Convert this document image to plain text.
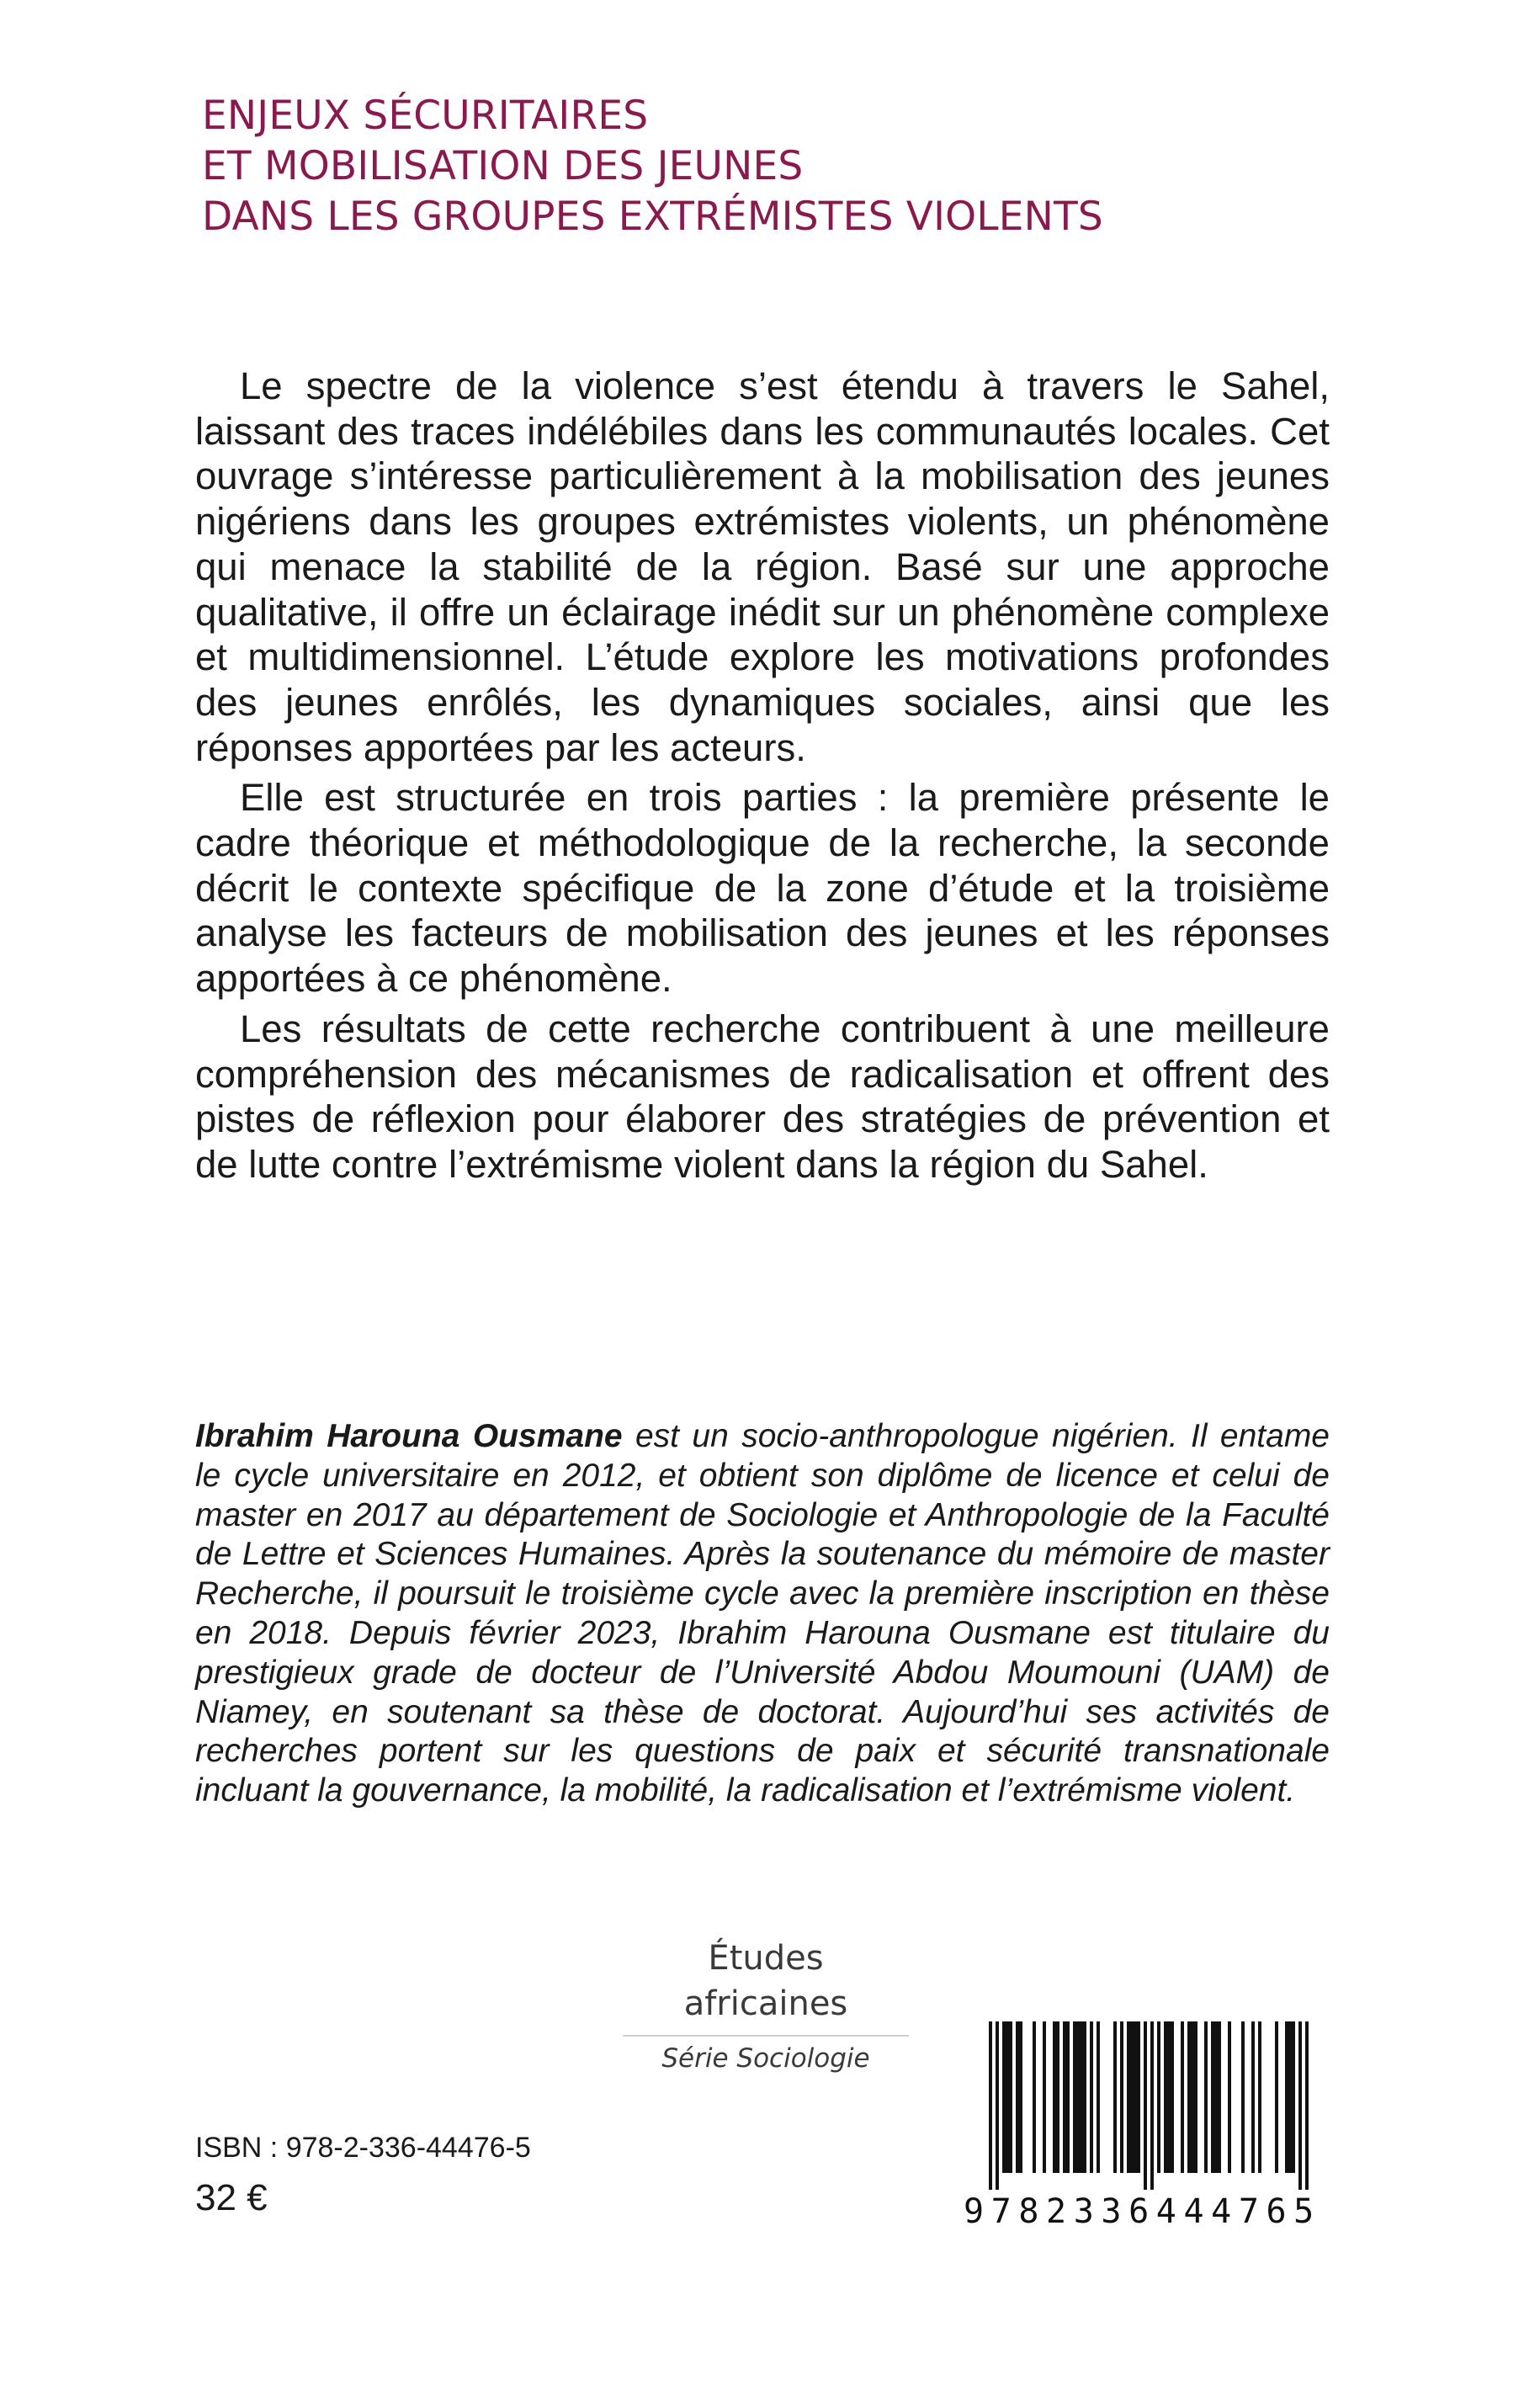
ENJEUX SÉCURITAIRES
ET MOBILISATION DES JEUNES
DANS LES GROUPES EXTRÉMISTES VIOLENTS

Le spectre de la violence s’est étendu à travers le Sahel, laissant des traces indélébiles dans les communautés locales. Cet ouvrage s’intéresse particulièrement à la mobilisation des jeunes nigériens dans les groupes extrémistes violents, un phénomène qui menace la stabilité de la région. Basé sur une approche qualitative, il offre un éclairage inédit sur un phénomène complexe et multidimensionnel. L’étude explore les motivations profondes des jeunes enrôlés, les dynamiques sociales, ainsi que les réponses apportées par les acteurs.

Elle est structurée en trois parties : la première présente le cadre théorique et méthodologique de la recherche, la seconde décrit le contexte spécifique de la zone d’étude et la troisième analyse les facteurs de mobilisation des jeunes et les réponses apportées à ce phénomène.

Les résultats de cette recherche contribuent à une meilleure compréhension des mécanismes de radicalisation et offrent des pistes de réflexion pour élaborer des stratégies de prévention et de lutte contre l’extrémisme violent dans la région du Sahel.

Ibrahim Harouna Ousmane est un socio-anthropologue nigérien. Il entame le cycle universitaire en 2012, et obtient son diplôme de licence et celui de master en 2017 au département de Sociologie et Anthropologie de la Faculté de Lettre et Sciences Humaines. Après la soutenance du mémoire de master Recherche, il poursuit le troisième cycle avec la première inscription en thèse en 2018. Depuis février 2023, Ibrahim Harouna Ousmane est titulaire du prestigieux grade de docteur de l’Université Abdou Moumouni (UAM) de Niamey, en soutenant sa thèse de doctorat. Aujourd’hui ses activités de recherches portent sur les questions de paix et sécurité transnationale incluant la gouvernance, la mobilité, la radicalisation et l’extrémisme violent.
Études africaines
Série Sociologie
ISBN : 978-2-336-44476-5
32 €	9782336444765
